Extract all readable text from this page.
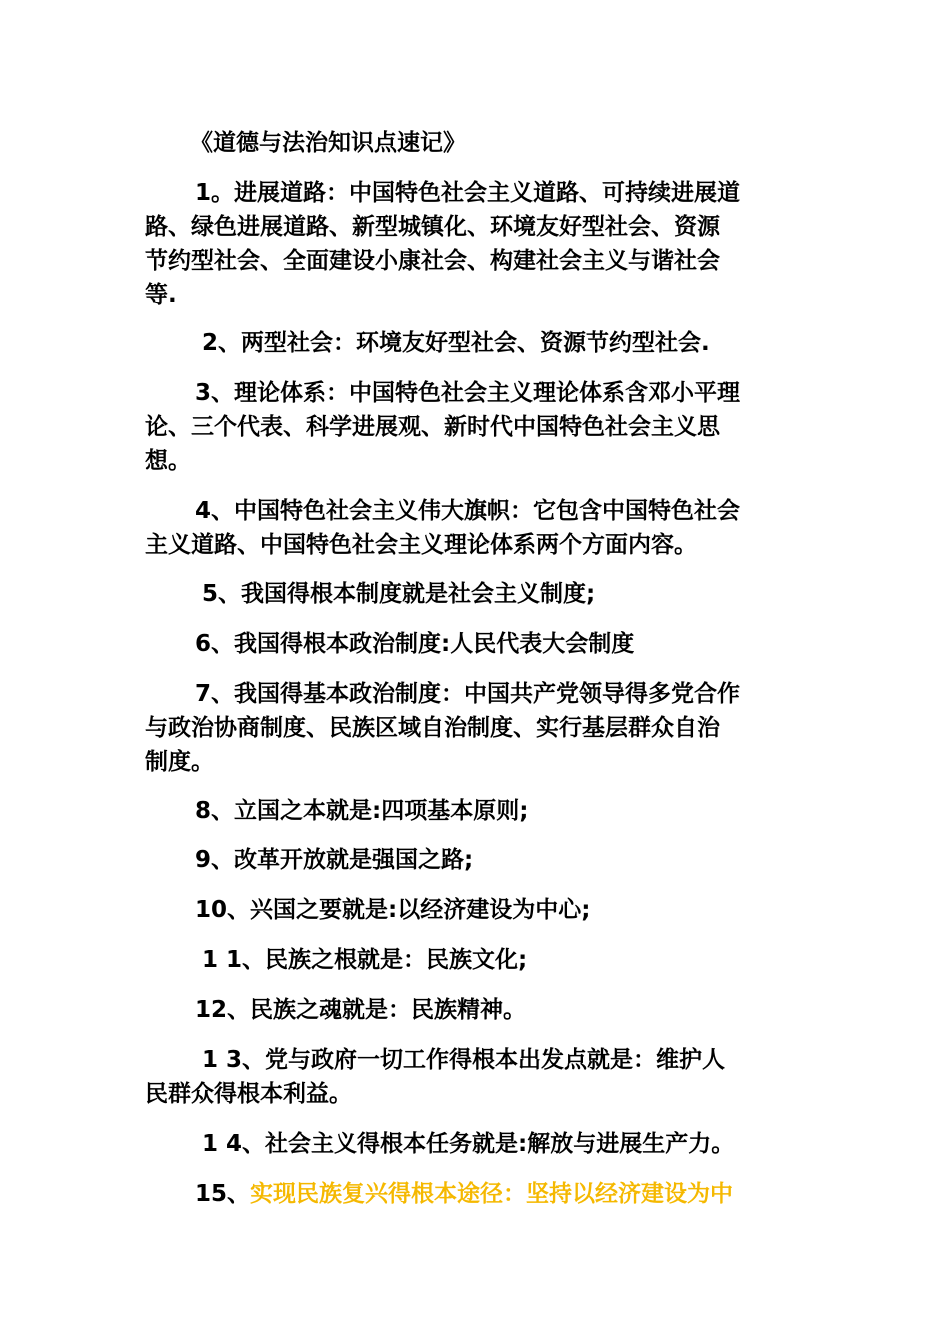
《道德与法治知识点速记》
1。进展道路：中国特色社会主义道路、可持续进展道
路、绿色进展道路、新型城镇化、环境友好型社会、资源
节约型社会、全面建设小康社会、构建社会主义与谐社会
等.
2、两型社会：环境友好型社会、资源节约型社会.
3、理论体系：中国特色社会主义理论体系含邓小平理
论、三个代表、科学进展观、新时代中国特色社会主义思
想。
4、中国特色社会主义伟大旗帜：它包含中国特色社会
主义道路、中国特色社会主义理论体系两个方面内容。
5、我国得根本制度就是社会主义制度;
6、我国得根本政治制度:人民代表大会制度
7、我国得基本政治制度：中国共产党领导得多党合作
与政治协商制度、民族区域自治制度、实行基层群众自治
制度。
8、立国之本就是:四项基本原则;
9、改革开放就是强国之路;
10、兴国之要就是:以经济建设为中心;
1 1、民族之根就是：民族文化;
12、民族之魂就是：民族精神。
1 3、党与政府一切工作得根本出发点就是：维护人
民群众得根本利益。
1 4、社会主义得根本任务就是:解放与进展生产力。
15、实现民族复兴得根本途径：坚持以经济建设为中
